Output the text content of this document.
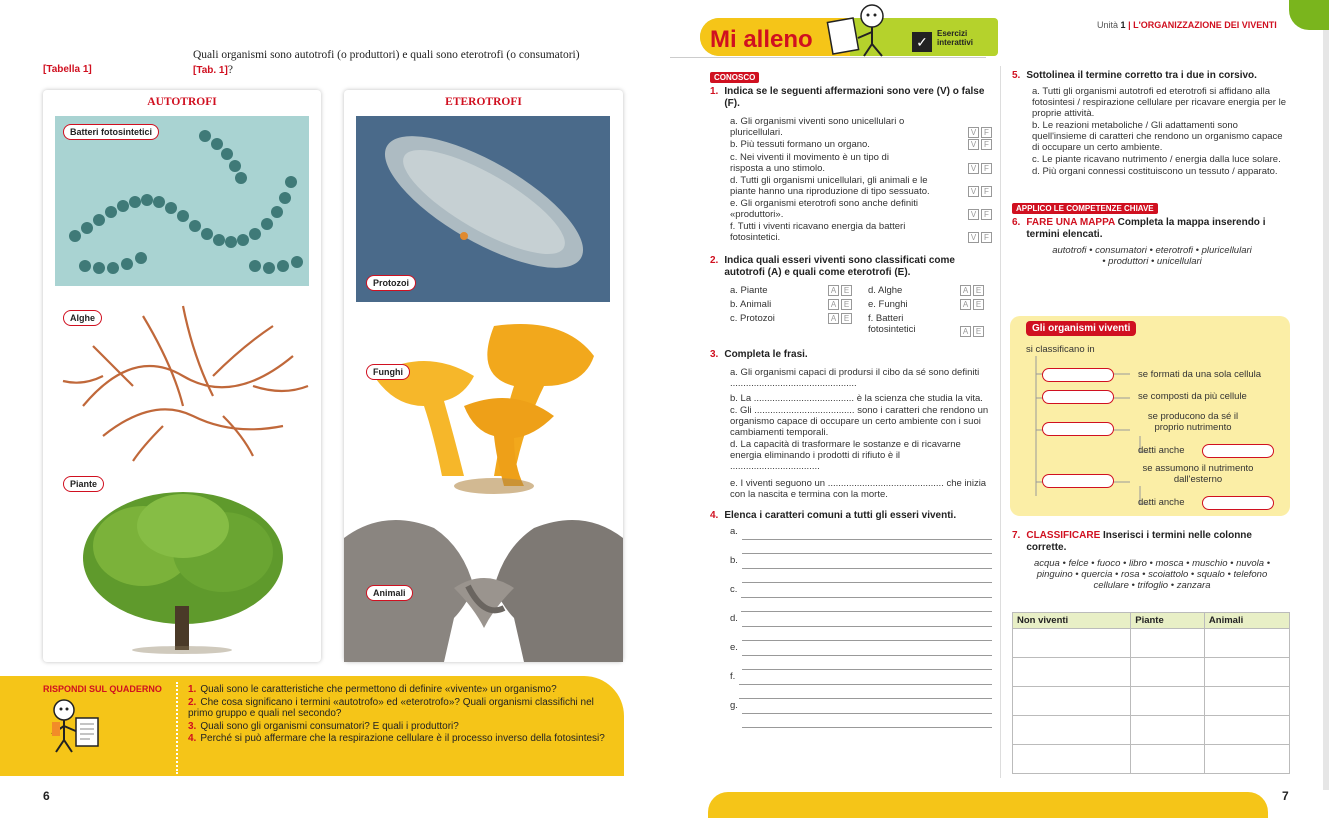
[Tabella 1]
Quali organismi sono autotrofi (o produttori) e quali sono eterotrofi (o consumatori)
[Tab. 1]?
AUTOTROFI
Batteri fotosintetici
Alghe
Piante
ETEROTROFI
Protozoi
Funghi
Animali
RISPONDI SUL QUADERNO	1. Quali sono le caratteristiche che permettono di definire «vivente» un organismo?
2. Che cosa significano i termini «autotrofo» ed «eterotrofo»? Quali organismi classifichi nel primo gruppo e quali nel secondo?
3. Quali sono gli organismi consumatori? E quali i produttori?
4. Perché si può affermare che la respirazione cellulare è il processo inverso della fotosintesi?
6
Mi alleno	✓
Esercizi
interattivi
Unità 1 | L'ORGANIZZAZIONE DEI VIVENTI
CONOSCO
1. Indica se le seguenti affermazioni sono vere (V) o false (F).
a. Gli organismi viventi sono unicellulari o pluricellulari.	V F
b. Più tessuti formano un organo.	V F
c. Nei viventi il movimento è un tipo di risposta a uno stimolo.	V F
d. Tutti gli organismi unicellulari, gli animali e le piante hanno una riproduzione di tipo sessuato.	V F
e. Gli organismi eterotrofi sono anche definiti «produttori».	V F
f. Tutti i viventi ricavano energia da batteri fotosintetici.	V F
2. Indica quali esseri viventi sono classificati come autotrofi (A) e quali come eterotrofi (E).
a. Piante	A E
b. Animali	A E
c. Protozoi	A E
d. Alghe	A E
e. Funghi	A E
f. Batteri fotosintetici	A E
3. Completa le frasi.
a. Gli organismi capaci di prodursi il cibo da sé sono definiti ................................................
b. La ...................................... è la scienza che studia la vita.
c. Gli ...................................... sono i caratteri che rendono un organismo capace di occupare un certo ambiente con i suoi cambiamenti temporali.
d. La capacità di trasformare le sostanze e di ricavarne energia eliminando i prodotti di rifiuto è il ..................................
e. I viventi seguono un ............................................ che inizia con la nascita e termina con la morte.
4. Elenca i caratteri comuni a tutti gli esseri viventi.
a.
b.
c.
d.
e.
f.
g.
5. Sottolinea il termine corretto tra i due in corsivo.
a. Tutti gli organismi autotrofi ed eterotrofi si affidano alla fotosintesi / respirazione cellulare per ricavare energia per le proprie attività.
b. Le reazioni metaboliche / Gli adattamenti sono quell'insieme di caratteri che rendono un organismo capace di occupare un certo ambiente.
c. Le piante ricavano nutrimento / energia dalla luce solare.
d. Più organi connessi costituiscono un tessuto / apparato.
APPLICO LE COMPETENZE CHIAVE
6. FARE UNA MAPPA Completa la mappa inserendo i termini elencati.
autotrofi • consumatori • eterotrofi • pluricellulari • produttori • unicellulari
Gli organismi viventi
si classificano in
se formati da una sola cellula
se composti da più cellule
se producono da sé il proprio nutrimento
detti anche
se assumono il nutrimento dall'esterno
detti anche
7. CLASSIFICARE Inserisci i termini nelle colonne corrette.
acqua • felce • fuoco • libro • mosca • muschio • nuvola • pinguino • quercia • rosa • scoiattolo • squalo • telefono cellulare • trifoglio • zanzara
Non viventi	Piante	Animali

7
